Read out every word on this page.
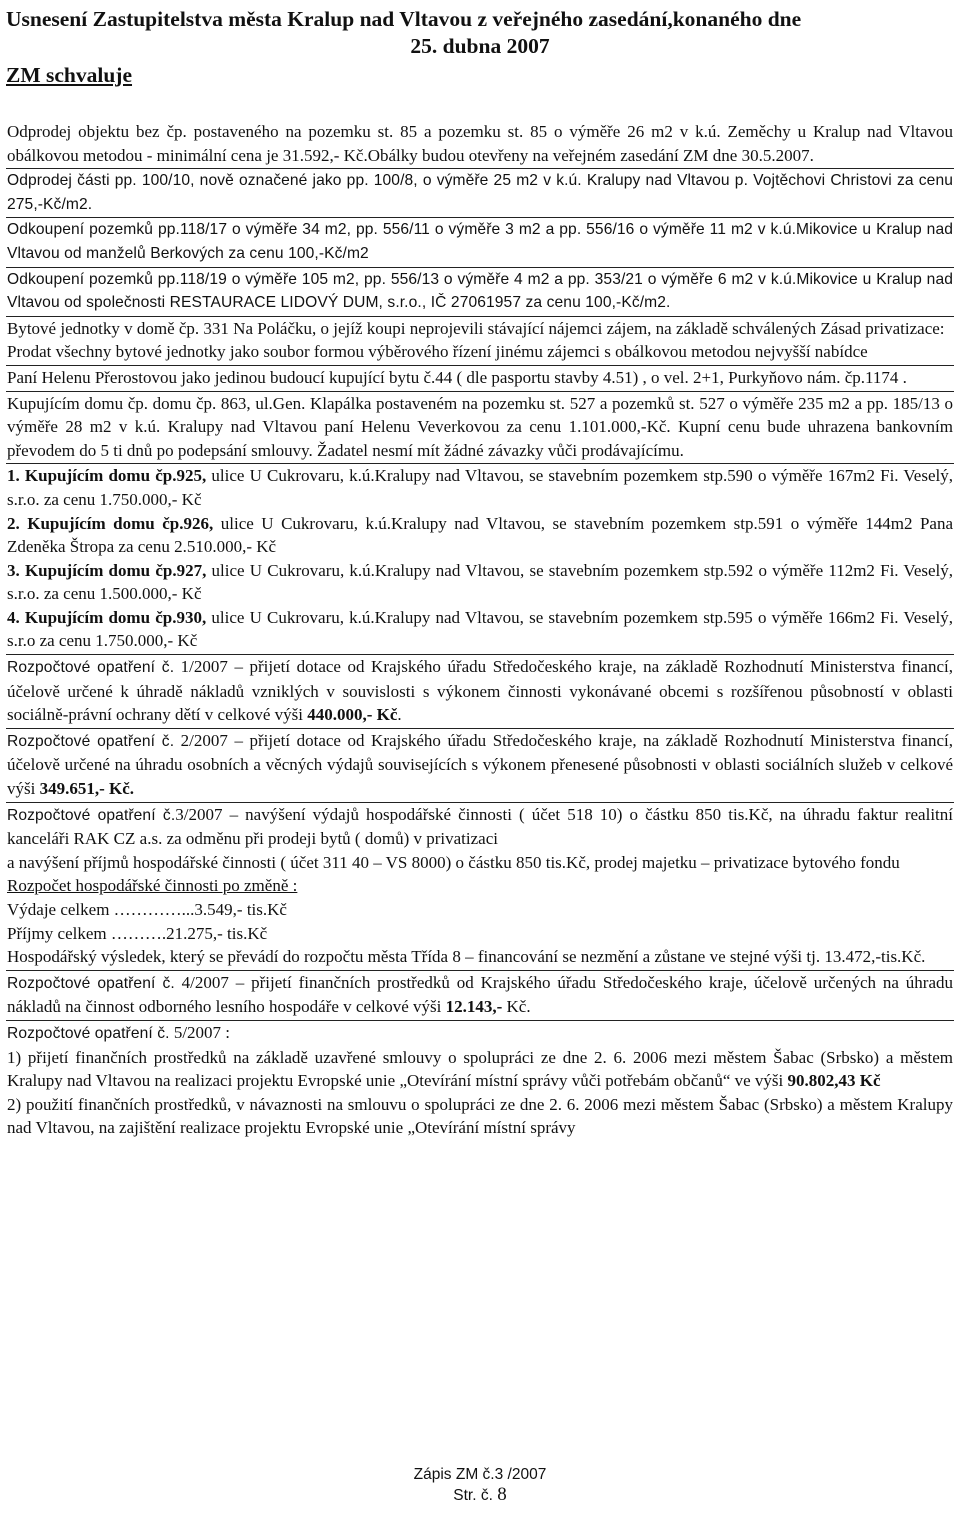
Usnesení Zastupitelstva města Kralup nad Vltavou z veřejného zasedání,konaného dne
25. dubna 2007
ZM schvaluje

Odprodej objektu bez čp. postaveného na pozemku st. 85 a pozemku st. 85 o výměře 26 m2 v k.ú. Zeměchy u Kralup nad Vltavou obálkovou metodou - minimální cena je 31.592,- Kč.Obálky budou otevřeny na veřejném zasedání ZM dne 30.5.2007.

Odprodej části pp. 100/10, nově označené jako pp. 100/8, o výměře 25 m2 v k.ú. Kralupy nad Vltavou p. Vojtěchovi Christovi za cenu 275,-Kč/m2.

Odkoupení pozemků pp.118/17 o výměře 34 m2, pp. 556/11 o výměře 3 m2 a pp. 556/16 o výměře 11 m2 v k.ú.Mikovice u Kralup nad Vltavou od manželů Berkových za cenu 100,-Kč/m2

Odkoupení pozemků pp.118/19 o výměře 105 m2, pp. 556/13 o výměře 4 m2 a pp. 353/21 o výměře 6 m2 v k.ú.Mikovice u Kralup nad Vltavou od společnosti RESTAURACE LIDOVÝ DUM, s.r.o., IČ 27061957 za cenu 100,-Kč/m2.

Bytové jednotky v domě čp. 331 Na Poláčku, o jejíž koupi neprojevili stávající nájemci zájem, na základě schválených Zásad privatizace:

Prodat všechny bytové jednotky jako soubor formou výběrového řízení jinému zájemci s obálkovou metodou nejvyšší nabídce

Paní Helenu Přerostovou jako jedinou budoucí kupující bytu č.44 ( dle pasportu stavby 4.51) , o vel. 2+1, Purkyňovo nám. čp.1174 .

Kupujícím domu čp. domu čp. 863, ul.Gen. Klapálka postaveném na pozemku st. 527 a pozemků st. 527 o výměře 235 m2 a pp. 185/13 o výměře 28 m2 v k.ú. Kralupy nad Vltavou paní Helenu Veverkovou za cenu 1.101.000,-Kč. Kupní cenu bude uhrazena bankovním převodem do 5 ti dnů po podepsání smlouvy. Žadatel nesmí mít žádné závazky vůči prodávajícímu.

1. Kupujícím domu čp.925, ulice U Cukrovaru, k.ú.Kralupy nad Vltavou, se stavebním pozemkem stp.590 o výměře 167m2 Fi. Veselý, s.r.o. za cenu 1.750.000,- Kč

2. Kupujícím domu čp.926, ulice U Cukrovaru, k.ú.Kralupy nad Vltavou, se stavebním pozemkem stp.591 o výměře 144m2 Pana Zdeněka Štropa za cenu 2.510.000,- Kč

3. Kupujícím domu čp.927, ulice U Cukrovaru, k.ú.Kralupy nad Vltavou, se stavebním pozemkem stp.592 o výměře 112m2 Fi. Veselý, s.r.o. za cenu 1.500.000,- Kč

4. Kupujícím domu čp.930, ulice U Cukrovaru, k.ú.Kralupy nad Vltavou, se stavebním pozemkem stp.595 o výměře 166m2 Fi. Veselý, s.r.o za cenu 1.750.000,- Kč

Rozpočtové opatření č. 1/2007 – přijetí dotace od Krajského úřadu Středočeského kraje, na základě Rozhodnutí Ministerstva financí, účelově určené k úhradě nákladů vzniklých v souvislosti s výkonem činnosti vykonávané obcemi s rozšířenou působností v oblasti sociálně-právní ochrany dětí v celkové výši 440.000,- Kč.

Rozpočtové opatření č. 2/2007 – přijetí dotace od Krajského úřadu Středočeského kraje, na základě Rozhodnutí Ministerstva financí, účelově určené na úhradu osobních a věcných výdajů souvisejících s výkonem přenesené působnosti v oblasti sociálních služeb v celkové výši 349.651,- Kč.

Rozpočtové opatření č.3/2007 – navýšení výdajů hospodářské činnosti ( účet 518 10) o částku 850 tis.Kč, na úhradu faktur realitní kanceláři RAK CZ a.s. za odměnu při prodeji bytů ( domů) v privatizaci

a navýšení příjmů hospodářské činnosti ( účet 311 40 – VS 8000) o částku 850 tis.Kč, prodej majetku – privatizace bytového fondu

Rozpočet hospodářské činnosti po změně :

Výdaje celkem …………...3.549,- tis.Kč

Příjmy celkem ……….21.275,- tis.Kč

Hospodářský výsledek, který se převádí do rozpočtu města Třída 8 – financování se nezmění a zůstane ve stejné výši tj. 13.472,-tis.Kč.

Rozpočtové opatření č. 4/2007 – přijetí finančních prostředků od Krajského úřadu Středočeského kraje, účelově určených na úhradu nákladů na činnost odborného lesního hospodáře v celkové výši 12.143,- Kč.

Rozpočtové opatření č. 5/2007 :

1) přijetí finančních prostředků na základě uzavřené smlouvy o spolupráci ze dne 2. 6. 2006 mezi městem Šabac (Srbsko) a městem Kralupy nad Vltavou na realizaci projektu Evropské unie „Otevírání místní správy vůči potřebám občanů“ ve výši 90.802,43 Kč

2) použití finančních prostředků, v návaznosti na smlouvu o spolupráci ze dne 2. 6. 2006 mezi městem Šabac (Srbsko) a městem Kralupy nad Vltavou, na zajištění realizace projektu Evropské unie „Otevírání místní správy

Zápis ZM č.3 /2007
Str. č. 8
